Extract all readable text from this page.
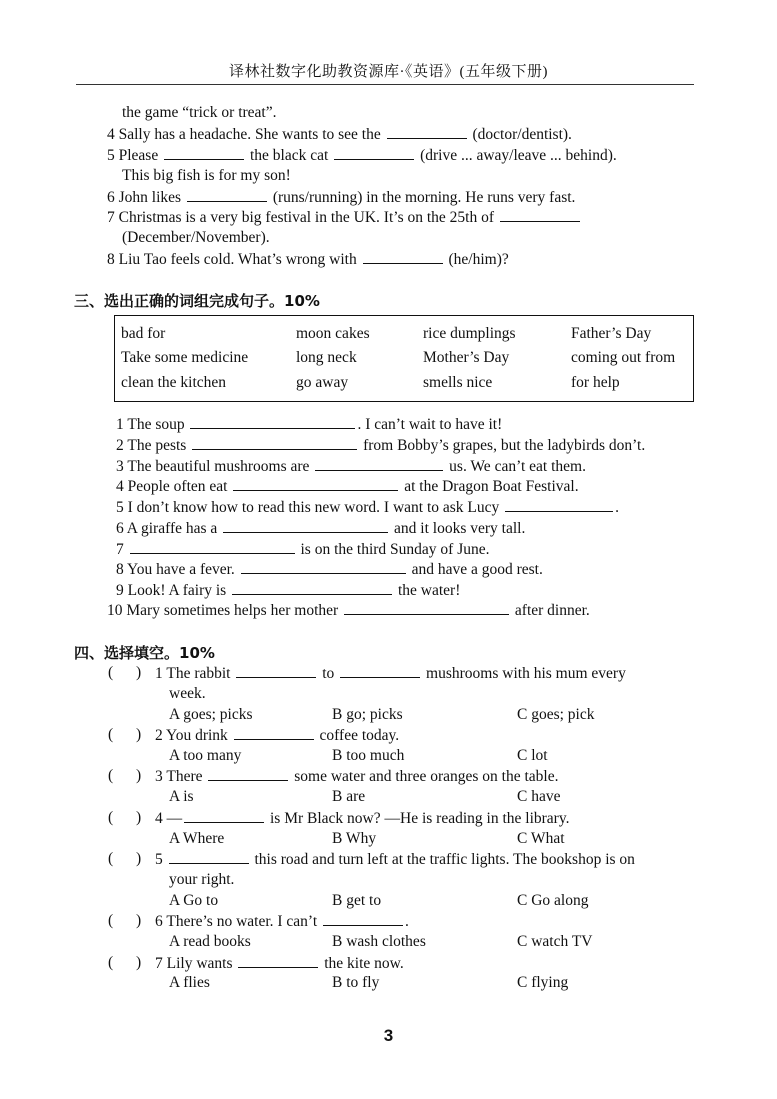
译林社数字化助教资源库·《英语》(五年级下册)
the game “trick or treat”.
4 Sally has a headache. She wants to see the	(doctor/dentist).
5 Please	the black cat	(drive ... away/leave ... behind).
This big fish is for my son!
6 John likes	(runs/running) in the morning. He runs very fast.
7 Christmas is a very big festival in the UK. It’s on the 25th of
(December/November).
8 Liu Tao feels cold. What’s wrong with	(he/him)?
三、选出正确的词组完成句子。10%
bad for	moon cakes	rice dumplings	Father’s Day
Take some medicine	long neck	Mother’s Day	coming out from
clean the kitchen	go away	smells nice	for help
1 The soup	. I can’t wait to have it!
2 The pests	from Bobby’s grapes, but the ladybirds don’t.
3 The beautiful mushrooms are	us. We can’t eat them.
4 People often eat	at the Dragon Boat Festival.
5 I don’t know how to read this new word. I want to ask Lucy	.
6 A giraffe has a	and it looks very tall.
7	is on the third Sunday of June.
8 You have a fever.	and have a good rest.
9 Look! A fairy is	the water!
10 Mary sometimes helps her mother	after dinner.
四、选择填空。10%
( ) 1 The rabbit	to	mushrooms with his mum every
week.
A goes; picks	B go; picks	C goes; pick
( ) 2 You drink	coffee today.
A too many	B too much	C lot
( ) 3 There	some water and three oranges on the table.
A is	B are	C have
( ) 4 —	is Mr Black now? —He is reading in the library.
A Where	B Why	C What
( ) 5	this road and turn left at the traffic lights. The bookshop is on
your right.
A Go to	B get to	C Go along
( ) 6 There’s no water. I can’t	.
A read books	B wash clothes	C watch TV
( ) 7 Lily wants	the kite now.
A flies	B to fly	C flying
3
